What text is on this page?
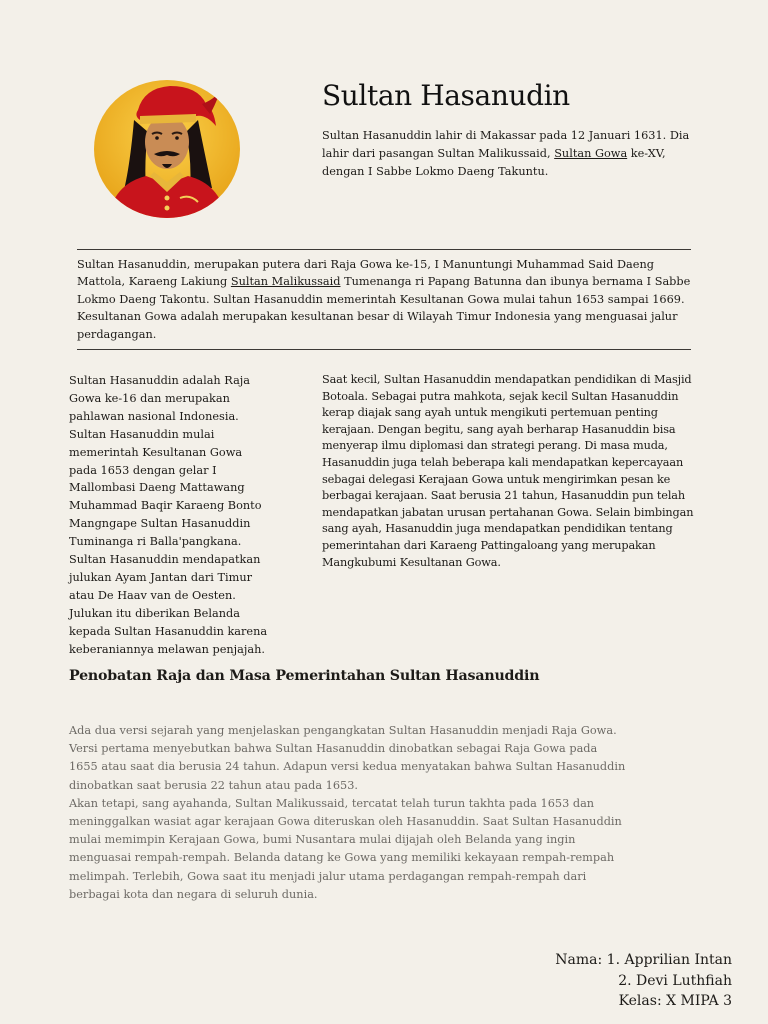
Sultan Hasanudin

Sultan Hasanuddin lahir di Makassar pada 12 Januari 1631. Dia lahir dari pasangan Sultan Malikussaid, Sultan Gowa ke-XV, dengan I Sabbe Lokmo Daeng Takuntu.

Sultan Hasanuddin, merupakan putera dari Raja Gowa ke-15, I Manuntungi Muhammad Said Daeng Mattola, Karaeng Lakiung Sultan Malikussaid Tumenanga ri Papang Batunna dan ibunya bernama I Sabbe Lokmo Daeng Takontu. Sultan Hasanuddin memerintah Kesultanan Gowa mulai tahun 1653 sampai 1669. Kesultanan Gowa adalah merupakan kesultanan besar di Wilayah Timur Indonesia yang menguasai jalur perdagangan.

Sultan Hasanuddin adalah Raja Gowa ke-16 dan merupakan pahlawan nasional Indonesia. Sultan Hasanuddin mulai memerintah Kesultanan Gowa pada 1653 dengan gelar I Mallombasi Daeng Mattawang Muhammad Baqir Karaeng Bonto Mangngape Sultan Hasanuddin Tuminanga ri Balla'pangkana. Sultan Hasanuddin mendapatkan julukan Ayam Jantan dari Timur atau De Haav van de Oesten. Julukan itu diberikan Belanda kepada Sultan Hasanuddin karena keberaniannya melawan penjajah.

Saat kecil, Sultan Hasanuddin mendapatkan pendidikan di Masjid Botoala. Sebagai putra mahkota, sejak kecil Sultan Hasanuddin kerap diajak sang ayah untuk mengikuti pertemuan penting kerajaan. Dengan begitu, sang ayah berharap Hasanuddin bisa menyerap ilmu diplomasi dan strategi perang. Di masa muda, Hasanuddin juga telah beberapa kali mendapatkan kepercayaan sebagai delegasi Kerajaan Gowa untuk mengirimkan pesan ke berbagai kerajaan. Saat berusia 21 tahun, Hasanuddin pun telah mendapatkan jabatan urusan pertahanan Gowa. Selain bimbingan sang ayah, Hasanuddin juga mendapatkan pendidikan tentang pemerintahan dari Karaeng Pattingaloang yang merupakan Mangkubumi Kesultanan Gowa.

Penobatan Raja dan Masa Pemerintahan Sultan Hasanuddin

Ada dua versi sejarah yang menjelaskan pengangkatan Sultan Hasanuddin menjadi Raja Gowa. Versi pertama menyebutkan bahwa Sultan Hasanuddin dinobatkan sebagai Raja Gowa pada 1655 atau saat dia berusia 24 tahun. Adapun versi kedua menyatakan bahwa Sultan Hasanuddin dinobatkan saat berusia 22 tahun atau pada 1653.

Akan tetapi, sang ayahanda, Sultan Malikussaid, tercatat telah turun takhta pada 1653 dan meninggalkan wasiat agar kerajaan Gowa diteruskan oleh Hasanuddin. Saat Sultan Hasanuddin mulai memimpin Kerajaan Gowa, bumi Nusantara mulai dijajah oleh Belanda yang ingin menguasai rempah-rempah. Belanda datang ke Gowa yang memiliki kekayaan rempah-rempah melimpah. Terlebih, Gowa saat itu menjadi jalur utama perdagangan rempah-rempah dari berbagai kota dan negara di seluruh dunia.

Nama: 1. Apprilian Intan
2. Devi Luthfiah
Kelas: X MIPA 3
